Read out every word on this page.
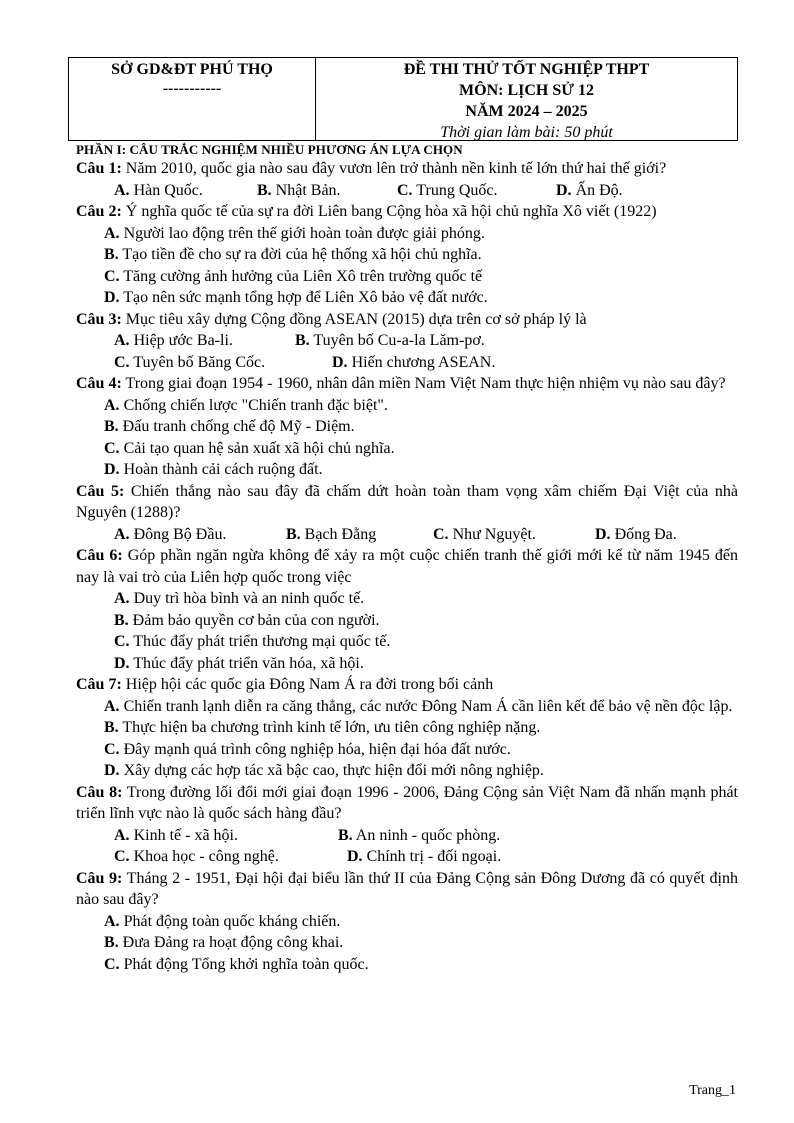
SỞ GD&ĐT PHÚ THỌ
-----------
ĐỀ THI THỬ TỐT NGHIỆP THPT
MÔN: LỊCH SỬ 12
NĂM 2024 – 2025
Thời gian làm bài: 50 phút
PHẦN I: CÂU TRẮC NGHIỆM NHIỀU PHƯƠNG ÁN LỰA CHỌN
Câu 1: Năm 2010, quốc gia nào sau đây vươn lên trở thành nền kinh tế lớn thứ hai thế giới?
A. Hàn Quốc.	B. Nhật Bản.	C. Trung Quốc.	D. Ấn Độ.
Câu 2: Ý nghĩa quốc tế của sự ra đời Liên bang Cộng hòa xã hội chủ nghĩa Xô viết (1922)
A. Người lao động trên thế giới hoàn toàn được giải phóng.
B. Tạo tiền đề cho sự ra đời của hệ thống xã hội chủ nghĩa.
C. Tăng cường ảnh hưởng của Liên Xô trên trường quốc tế
D. Tạo nên sức mạnh tổng hợp để Liên Xô bảo vệ đất nước.
Câu 3: Mục tiêu xây dựng Cộng đồng ASEAN (2015) dựa trên cơ sở pháp lý là
A. Hiệp ước Ba-li.	B. Tuyên bố Cu-a-la Lăm-pơ.
C. Tuyên bố Băng Cốc.	D. Hiến chương ASEAN.
Câu 4: Trong giai đoạn 1954 - 1960, nhân dân miền Nam Việt Nam thực hiện nhiệm vụ nào sau đây?
A. Chống chiến lược "Chiến tranh đặc biệt".
B. Đấu tranh chống chế độ Mỹ - Diệm.
C. Cải tạo quan hệ sản xuất xã hội chủ nghĩa.
D. Hoàn thành cải cách ruộng đất.
Câu 5: Chiến thắng nào sau đây đã chấm dứt hoàn toàn tham vọng xâm chiếm Đại Việt của nhà Nguyên (1288)?
A. Đông Bộ Đầu.	B. Bạch Đằng	C. Như Nguyệt.	D. Đống Đa.
Câu 6: Góp phần ngăn ngừa không để xảy ra một cuộc chiến tranh thế giới mới kể từ năm 1945 đến nay là vai trò của Liên hợp quốc trong việc
A. Duy trì hòa bình và an ninh quốc tế.
B. Đảm bảo quyền cơ bản của con người.
C. Thúc đẩy phát triển thương mại quốc tế.
D. Thúc đẩy phát triển văn hóa, xã hội.
Câu 7: Hiệp hội các quốc gia Đông Nam Á ra đời trong bối cảnh
A. Chiến tranh lạnh diễn ra căng thẳng, các nước Đông Nam Á cần liên kết để bảo vệ nền độc lập.
B. Thực hiện ba chương trình kinh tế lớn, ưu tiên công nghiệp nặng.
C. Đây mạnh quá trình công nghiệp hóa, hiện đại hóa đất nước.
D. Xây dựng các hợp tác xã bậc cao, thực hiện đổi mới nông nghiệp.
Câu 8: Trong đường lối đổi mới giai đoạn 1996 - 2006, Đảng Cộng sản Việt Nam đã nhấn mạnh phát triển lĩnh vực nào là quốc sách hàng đầu?
A. Kinh tế - xã hội.	B. An ninh - quốc phòng.
C. Khoa học - công nghệ.	D. Chính trị - đối ngoại.
Câu 9: Tháng 2 - 1951, Đại hội đại biểu lần thứ II của Đảng Cộng sản Đông Dương đã có quyết định nào sau đây?
A. Phát động toàn quốc kháng chiến.
B. Đưa Đảng ra hoạt động công khai.
C. Phát động Tổng khởi nghĩa toàn quốc.
Trang_1
